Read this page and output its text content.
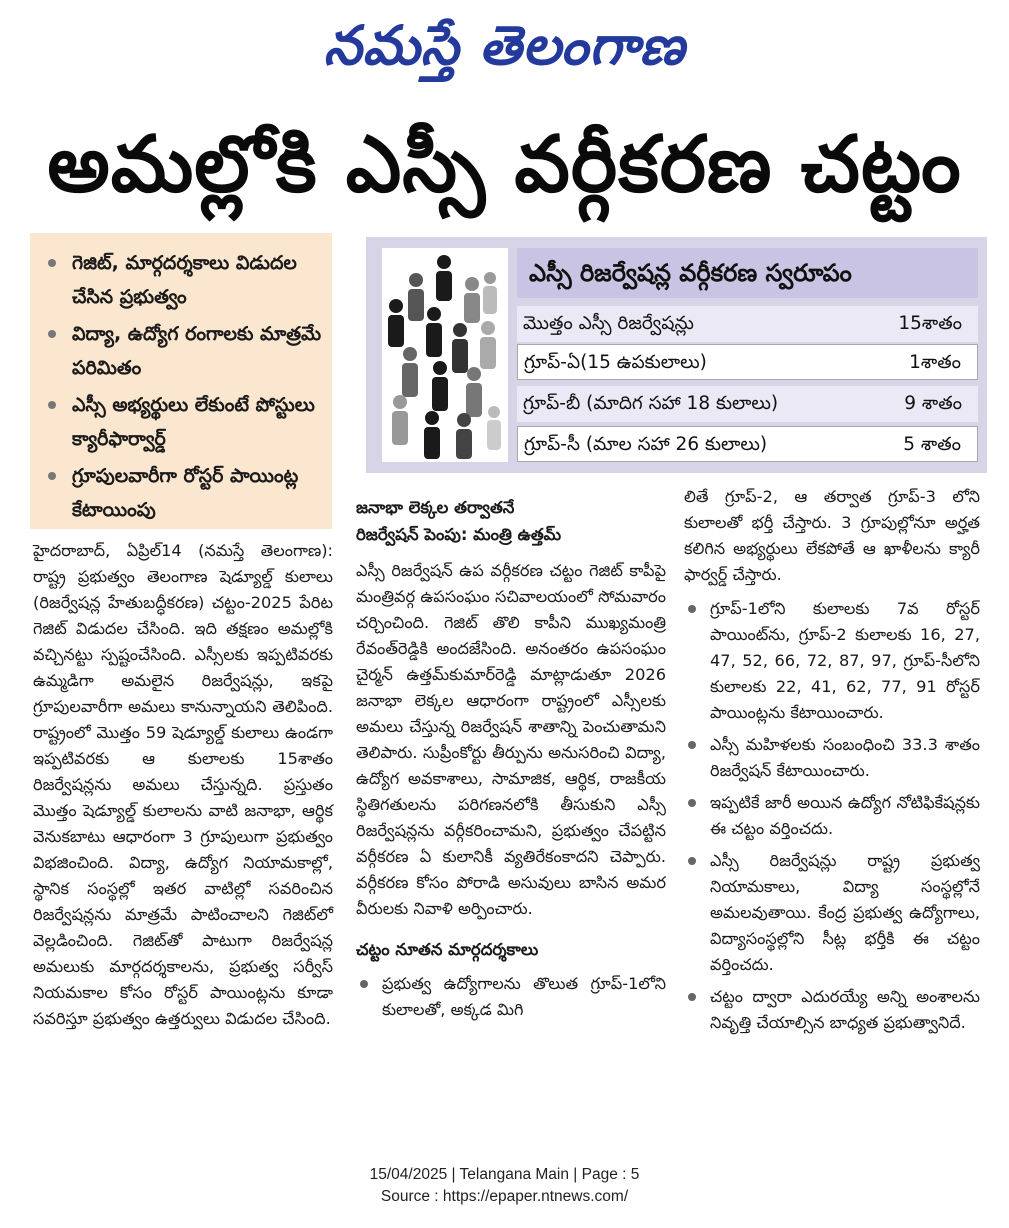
నమస్తే తెలంగాణ
అమల్లోకి ఎస్సీ వర్గీకరణ చట్టం
గెజిట్, మార్గదర్శకాలు విడుదల చేసిన ప్రభుత్వం
విద్యా, ఉద్యోగ రంగాలకు మాత్రమే పరిమితం
ఎస్సీ అభ్యర్థులు లేకుంటే పోస్టులు క్యారీఫార్వార్డ్
గ్రూపులవారీగా రోస్టర్ పాయింట్ల కేటాయింపు
ఎస్సీ రిజర్వేషన్ల వర్గీకరణ స్వరూపం
మొత్తం ఎస్సీ రిజర్వేషన్లు	15శాతం
గ్రూప్-ఏ(15 ఉపకులాలు)	1శాతం
గ్రూప్-బీ (మాదిగ సహా 18 కులాలు)	9 శాతం
గ్రూప్-సీ (మాల సహా 26 కులాలు)	5 శాతం

హైదరాబాద్, ఏప్రిల్14 (నమస్తే తెలంగాణ): రాష్ట్ర ప్రభుత్వం తెలంగాణ షెడ్యూల్డ్ కులాలు (రిజర్వేషన్ల హేతుబద్ధీకరణ) చట్టం-2025 పేరిట గెజిట్ విడుదల చేసింది. ఇది తక్షణం అమల్లోకి వచ్చినట్టు స్పష్టంచేసింది. ఎస్సీలకు ఇప్పటివరకు ఉమ్మడిగా అమలైన రిజర్వేషన్లు, ఇకపై గ్రూపులవారీగా అమలు కానున్నాయని తెలిపింది. రాష్ట్రంలో మొత్తం 59 షెడ్యూల్డ్ కులాలు ఉండగా ఇప్పటివరకు ఆ కులాలకు 15శాతం రిజర్వేషన్లను అమలు చేస్తున్నది. ప్రస్తుతం మొత్తం షెడ్యూల్డ్ కులాలను వాటి జనాభా, ఆర్థిక వెనుకబాటు ఆధారంగా 3 గ్రూపులుగా ప్రభుత్వం విభజించింది. విద్యా, ఉద్యోగ నియామకాల్లో, స్థానిక సంస్థల్లో ఇతర వాటిల్లో సవరించిన రిజర్వేషన్లను మాత్రమే పాటించాలని గెజిట్‌లో వెల్లడించింది. గెజిట్‌తో పాటుగా రిజర్వేషన్ల అమలుకు మార్గదర్శకాలను, ప్రభుత్వ సర్వీస్ నియమకాల కోసం రోస్టర్ పాయింట్లను కూడా సవరిస్తూ ప్రభుత్వం ఉత్తర్వులు విడుదల చేసింది.

జనాభా లెక్కల తర్వాతనే
రిజర్వేషన్ పెంపు: మంత్రి ఉత్తమ్

ఎస్సీ రిజర్వేషన్ ఉప వర్గీకరణ చట్టం గెజిట్ కాపీపై మంత్రివర్గ ఉపసంఘం సచివాలయంలో సోమవారం చర్చించింది. గెజిట్ తొలి కాపీని ముఖ్యమంత్రి రేవంత్‌రెడ్డికి అందజేసింది. అనంతరం ఉపసంఘం చైర్మన్ ఉత్తమ్‌కుమార్‌రెడ్డి మాట్లాడుతూ 2026 జనాభా లెక్కల ఆధారంగా రాష్ట్రంలో ఎస్సీలకు అమలు చేస్తున్న రిజర్వేషన్ శాతాన్ని పెంచుతామని తెలిపారు. సుప్రీంకోర్టు తీర్పును అనుసరించి విద్యా, ఉద్యోగ అవకాశాలు, సామాజిక, ఆర్థిక, రాజకీయ స్థితిగతులను పరిగణనలోకి తీసుకుని ఎస్సీ రిజర్వేషన్లను వర్గీకరించామని, ప్రభుత్వం చేపట్టిన వర్గీకరణ ఏ కులానికీ వ్యతిరేకంకాదని చెప్పారు. వర్గీకరణ కోసం పోరాడి అసువులు బాసిన అమర వీరులకు నివాళి అర్పించారు.

చట్టం నూతన మార్గదర్శకాలు
ప్రభుత్వ ఉద్యోగాలను తొలుత గ్రూప్-1లోని కులాలతో, అక్కడ మిగి

లితే గ్రూప్-2, ఆ తర్వాత గ్రూప్-3 లోని కులాలతో భర్తీ చేస్తారు. 3 గ్రూపుల్లోనూ అర్హత కలిగిన అభ్యర్థులు లేకపోతే ఆ ఖాళీలను క్యారీ ఫార్వర్డ్ చేస్తారు.

గ్రూప్-1లోని కులాలకు 7వ రోస్టర్ పాయింట్‌ను, గ్రూప్-2 కులాలకు 16, 27, 47, 52, 66, 72, 87, 97, గ్రూప్-సీలోని కులాలకు 22, 41, 62, 77, 91 రోస్టర్ పాయింట్లను కేటాయించారు.
ఎస్సీ మహిళలకు సంబంధించి 33.3 శాతం రిజర్వేషన్ కేటాయించారు.
ఇప్పటికే జారీ అయిన ఉద్యోగ నోటిఫికేషన్లకు ఈ చట్టం వర్తించదు.
ఎస్సీ రిజర్వేషన్లు రాష్ట్ర ప్రభుత్వ నియామకాలు, విద్యా సంస్థల్లోనే అమలవుతాయి. కేంద్ర ప్రభుత్వ ఉద్యోగాలు, విద్యాసంస్థల్లోని సీట్ల భర్తీకి ఈ చట్టం వర్తించదు.
చట్టం ద్వారా ఎదురయ్యే అన్ని అంశాలను నివృత్తి చేయాల్సిన బాధ్యత ప్రభుత్వానిదే.
15/04/2025 | Telangana Main | Page : 5
Source : https://epaper.ntnews.com/
